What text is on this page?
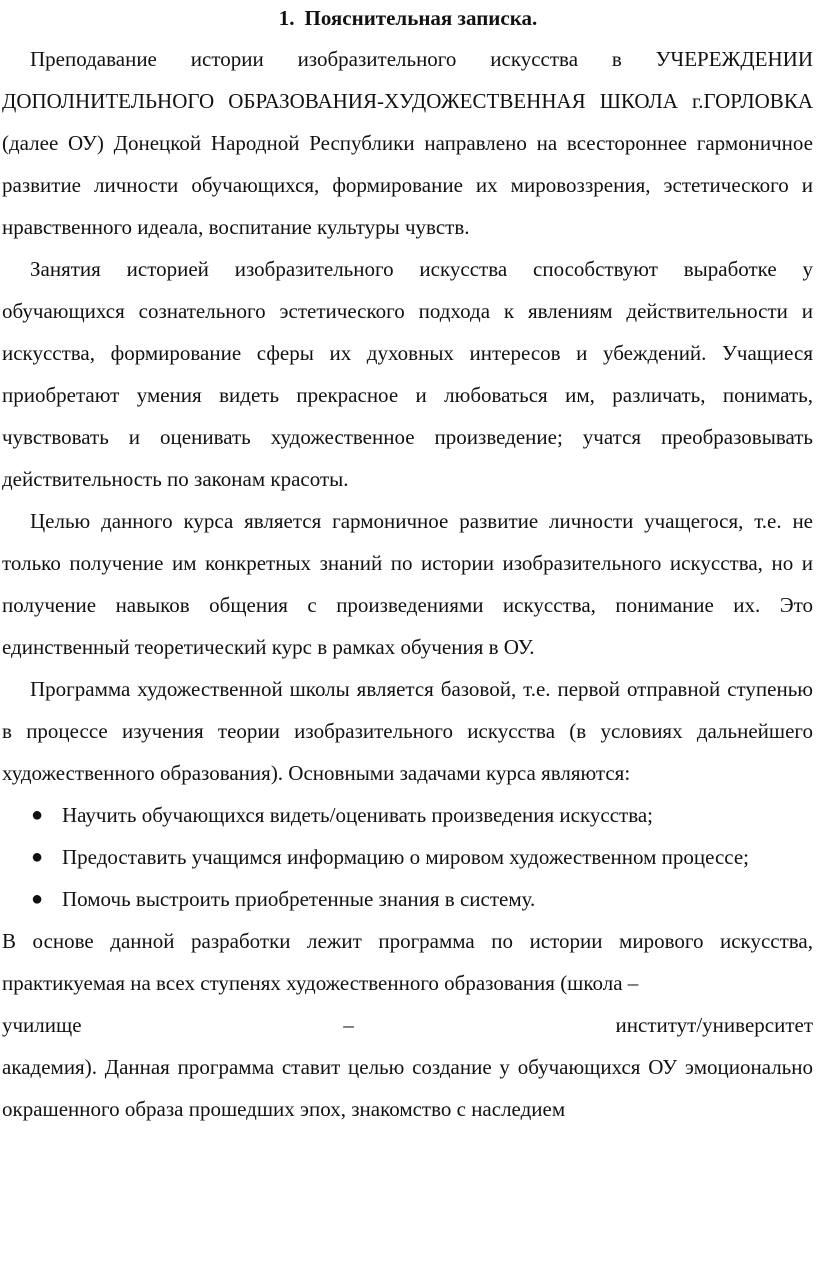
1. Пояснительная записка.

Преподавание истории изобразительного искусства в УЧЕРЕЖДЕНИИ ДОПОЛНИТЕЛЬНОГО ОБРАЗОВАНИЯ-ХУДОЖЕСТВЕННАЯ ШКОЛА г.ГОРЛОВКА (далее ОУ) Донецкой Народной Республики направлено на всестороннее гармоничное развитие личности обучающихся, формирование их мировоззрения, эстетического и нравственного идеала, воспитание культуры чувств.

Занятия историей изобразительного искусства способствуют выработке у обучающихся сознательного эстетического подхода к явлениям действительности и искусства, формирование сферы их духовных интересов и убеждений. Учащиеся приобретают умения видеть прекрасное и любоваться им, различать, понимать, чувствовать и оценивать художественное произведение; учатся преобразовывать действительность по законам красоты.

Целью данного курса является гармоничное развитие личности учащегося, т.е. не только получение им конкретных знаний по истории изобразительного искусства, но и получение навыков общения с произведениями искусства, понимание их. Это единственный теоретический курс в рамках обучения в ОУ.

Программа художественной школы является базовой, т.е. первой отправной ступенью в процессе изучения теории изобразительного искусства (в условиях дальнейшего художественного образования). Основными задачами курса являются:

● Научить обучающихся видеть/оценивать произведения искусства;
● Предоставить учащимся информацию о мировом художественном процессе;
● Помочь выстроить приобретенные знания в систему.

В основе данной разработки лежит программа по истории мирового искусства, практикуемая на всех ступенях художественного образования (школа –

училище	–	институт/университет

академия). Данная программа ставит целью создание у обучающихся ОУ эмоционально окрашенного образа прошедших эпох, знакомство с наследием
